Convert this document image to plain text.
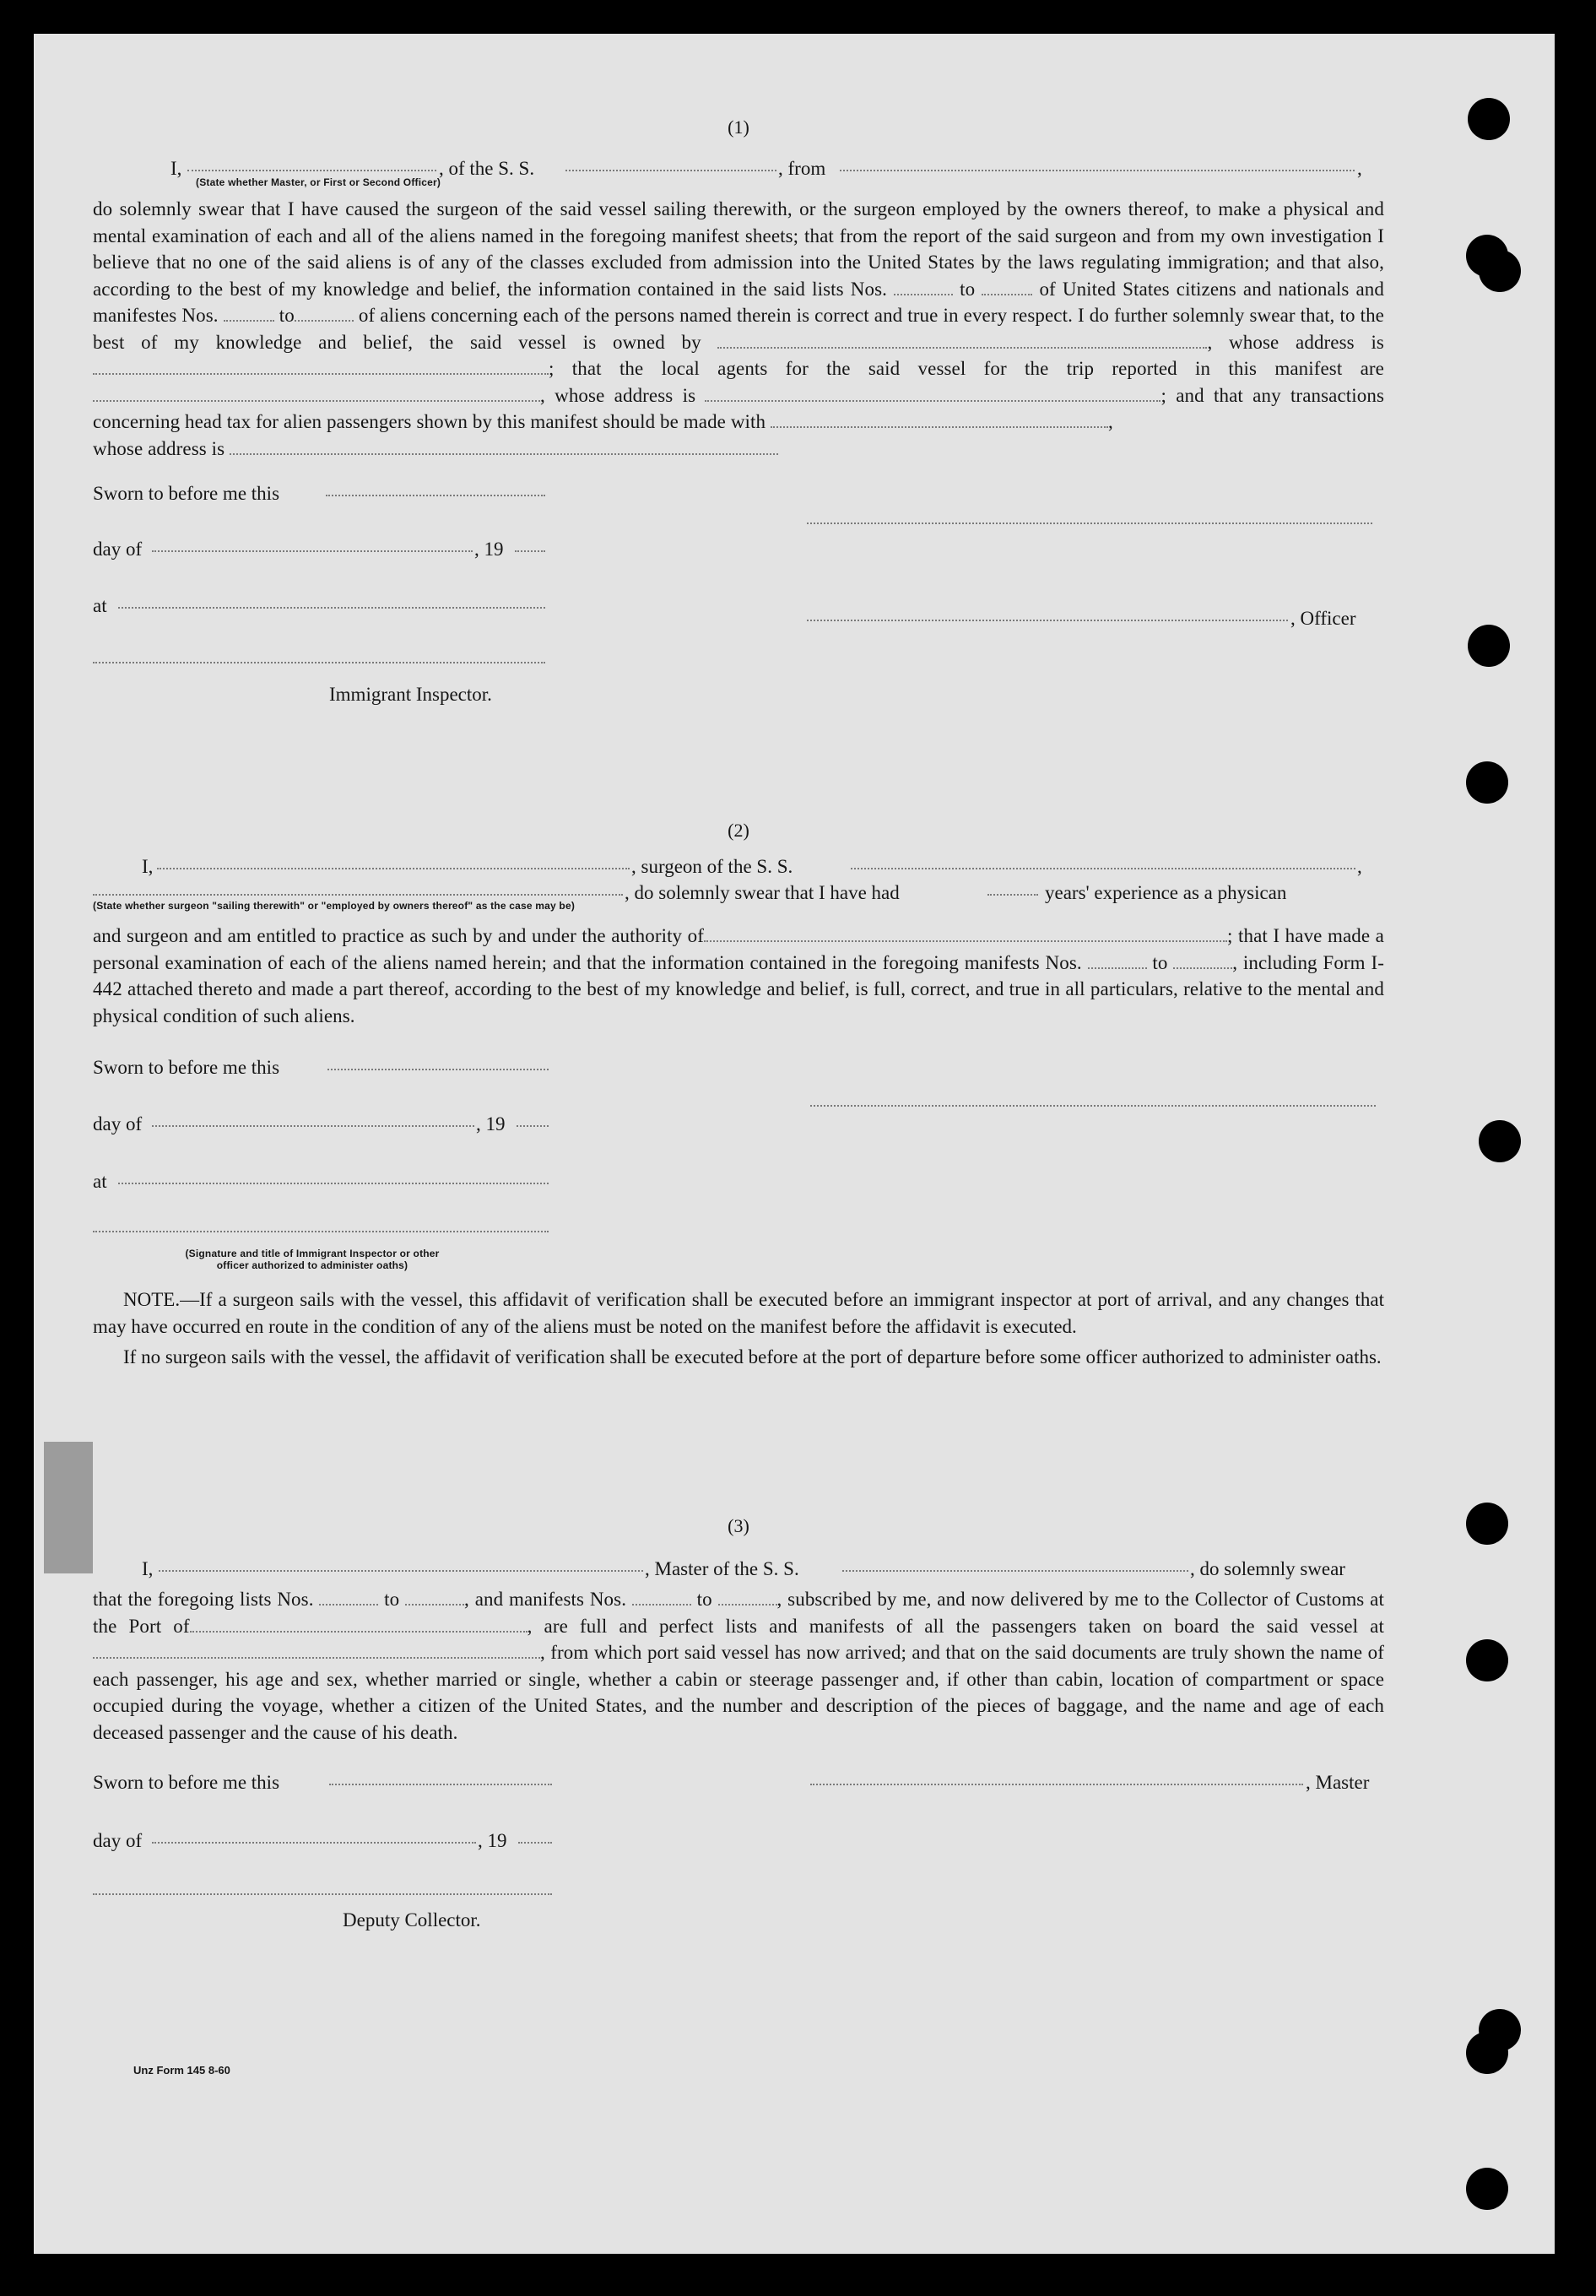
(1)

I,	, of the S. S.	, from	,
(State whether Master, or First or Second Officer)

do solemnly swear that I have caused the surgeon of the said vessel sailing therewith, or the surgeon employed by the owners thereof, to make a physical and mental examination of each and all of the aliens named in the foregoing manifest sheets; that from the report of the said surgeon and from my own investigation I believe that no one of the said aliens is of any of the classes excluded from admission into the United States by the laws regulating immigration; and that also, according to the best of my knowledge and belief, the information contained in the said lists Nos.	to	of United States citizens and nationals and manifestes Nos.	to	of aliens concerning each of the persons named therein is correct and true in every respect. I do further solemnly swear that, to the best of my knowledge and belief, the said vessel is owned by	, whose address is ; that the local agents for the said vessel for the trip reported in this manifest are , whose address is	; and that any transactions concerning head tax for alien passengers shown by this manifest should be made with	,
whose address is

Sworn to before me this
day of	, 19
at
, Officer
Immigrant Inspector.

(2)

I,	, surgeon of the S. S.	,
, do solemnly swear that I have had	years' experience as a physican
(State whether surgeon "sailing therewith" or "employed by owners thereof" as the case may be)

and surgeon and am entitled to practice as such by and under the authority of	; that I have made a personal examination of each of the aliens named herein; and that the information contained in the foregoing manifests Nos.	to	, including Form I-442 attached thereto and made a part thereof, according to the best of my knowledge and belief, is full, correct, and true in all particulars, relative to the mental and physical condition of such aliens.

Sworn to before me this
day of	, 19
at
(Signature and title of Immigrant Inspector or other
officer authorized to administer oaths)

NOTE.—If a surgeon sails with the vessel, this affidavit of verification shall be executed before an immigrant inspector at port of arrival, and any changes that may have occurred en route in the condition of any of the aliens must be noted on the manifest before the affidavit is executed.

If no surgeon sails with the vessel, the affidavit of verification shall be executed before at the port of departure before some officer authorized to administer oaths.

(3)

I,	, Master of the S. S.	, do solemnly swear

that the foregoing lists Nos.	to	, and manifests Nos.	to	, subscribed by me, and now delivered by me to the Collector of Customs at the Port of	, are full and perfect lists and manifests of all the passengers taken on board the said vessel at , from which port said vessel has now arrived; and that on the said documents are truly shown the name of each passenger, his age and sex, whether married or single, whether a cabin or steerage passenger and, if other than cabin, location of compartment or space occupied during the voyage, whether a citizen of the United States, and the number and description of the pieces of baggage, and the name and age of each deceased passenger and the cause of his death.

Sworn to before me this	, Master
day of	, 19
Deputy Collector.
Unz Form 145 8-60
